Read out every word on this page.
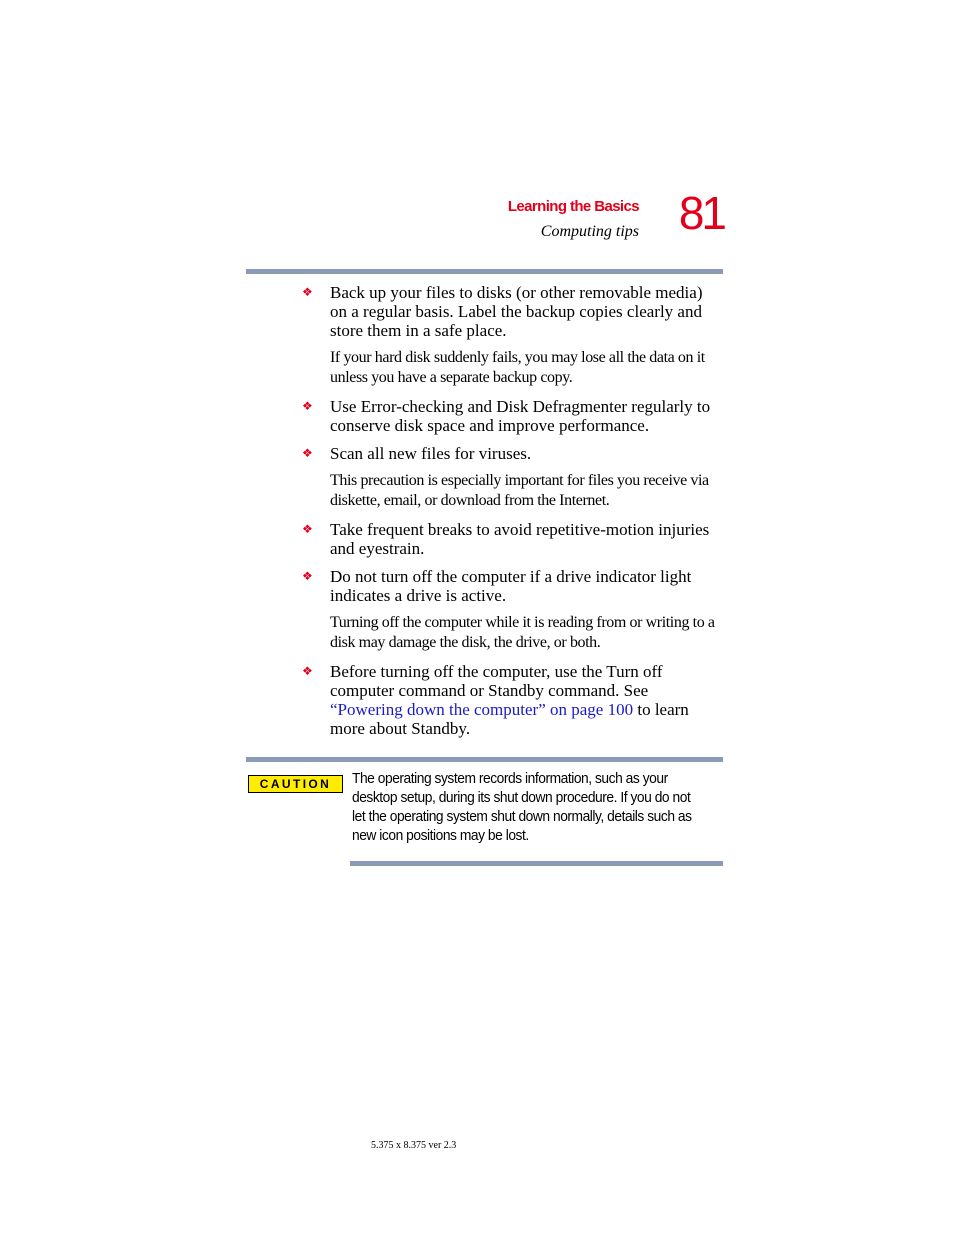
Learning the Basics
Computing tips 81
❖	Back up your files to disks (or other removable media) on a regular basis. Label the backup copies clearly and store them in a safe place.
If your hard disk suddenly fails, you may lose all the data on it unless you have a separate backup copy.
❖	Use Error-checking and Disk Defragmenter regularly to conserve disk space and improve performance.
❖	Scan all new files for viruses.
This precaution is especially important for files you receive via diskette, email, or download from the Internet.
❖	Take frequent breaks to avoid repetitive-motion injuries and eyestrain.
❖	Do not turn off the computer if a drive indicator light indicates a drive is active.
Turning off the computer while it is reading from or writing to a disk may damage the disk, the drive, or both.
❖	Before turning off the computer, use the Turn off computer command or Standby command. See “Powering down the computer” on page 100 to learn more about Standby.
CAUTION	The operating system records information, such as your desktop setup, during its shut down procedure. If you do not let the operating system shut down normally, details such as new icon positions may be lost.
5.375 x 8.375 ver 2.3
